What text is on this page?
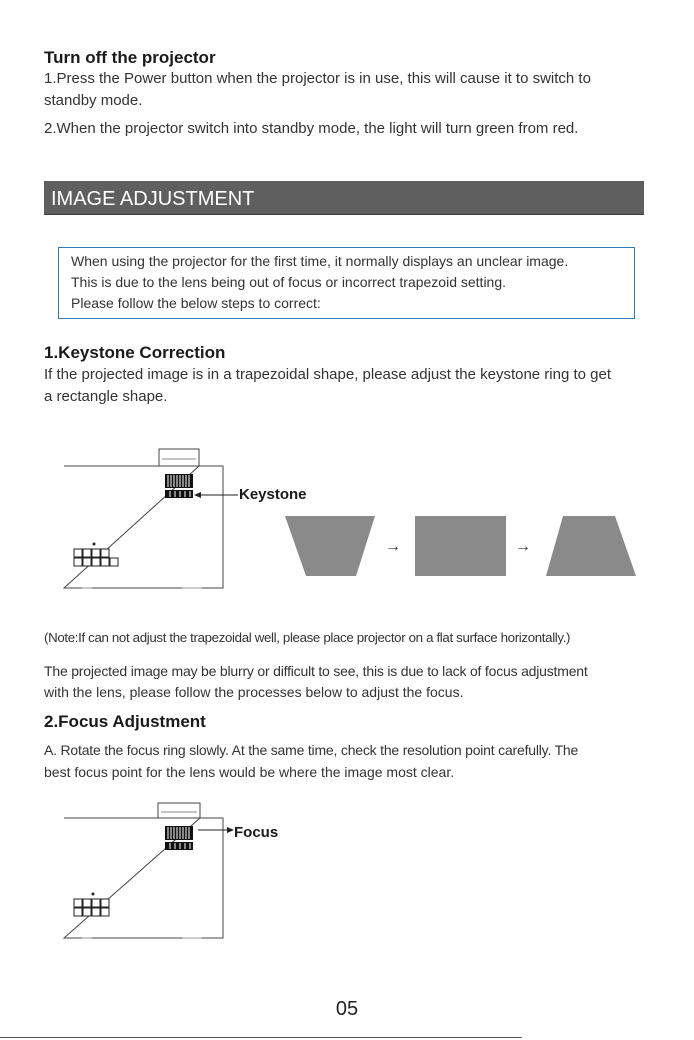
Turn off the projector
1.Press the Power button when the projector is in use, this will cause it to switch to
standby mode.
2.When the projector switch into standby mode, the light will turn green from red.
IMAGE ADJUSTMENT
When using the projector for the first time, it normally displays an unclear image.
This is due to the lens being out of focus or incorrect trapezoid setting.
Please follow the below steps to correct:
1.Keystone Correction
If the projected image is in a trapezoidal shape, please adjust the keystone ring to get
a rectangle shape.
Keystone
→	→
(Note:If can not adjust the trapezoidal well, please place projector on a flat surface horizontally.)
The projected image may be blurry or difficult to see, this is due to lack of focus adjustment
with the lens, please follow the processes below to adjust the focus.
2.Focus Adjustment
A. Rotate the focus ring slowly. At the same time, check the resolution point carefully. The
best focus point for the lens would be where the image most clear.
Focus
05
